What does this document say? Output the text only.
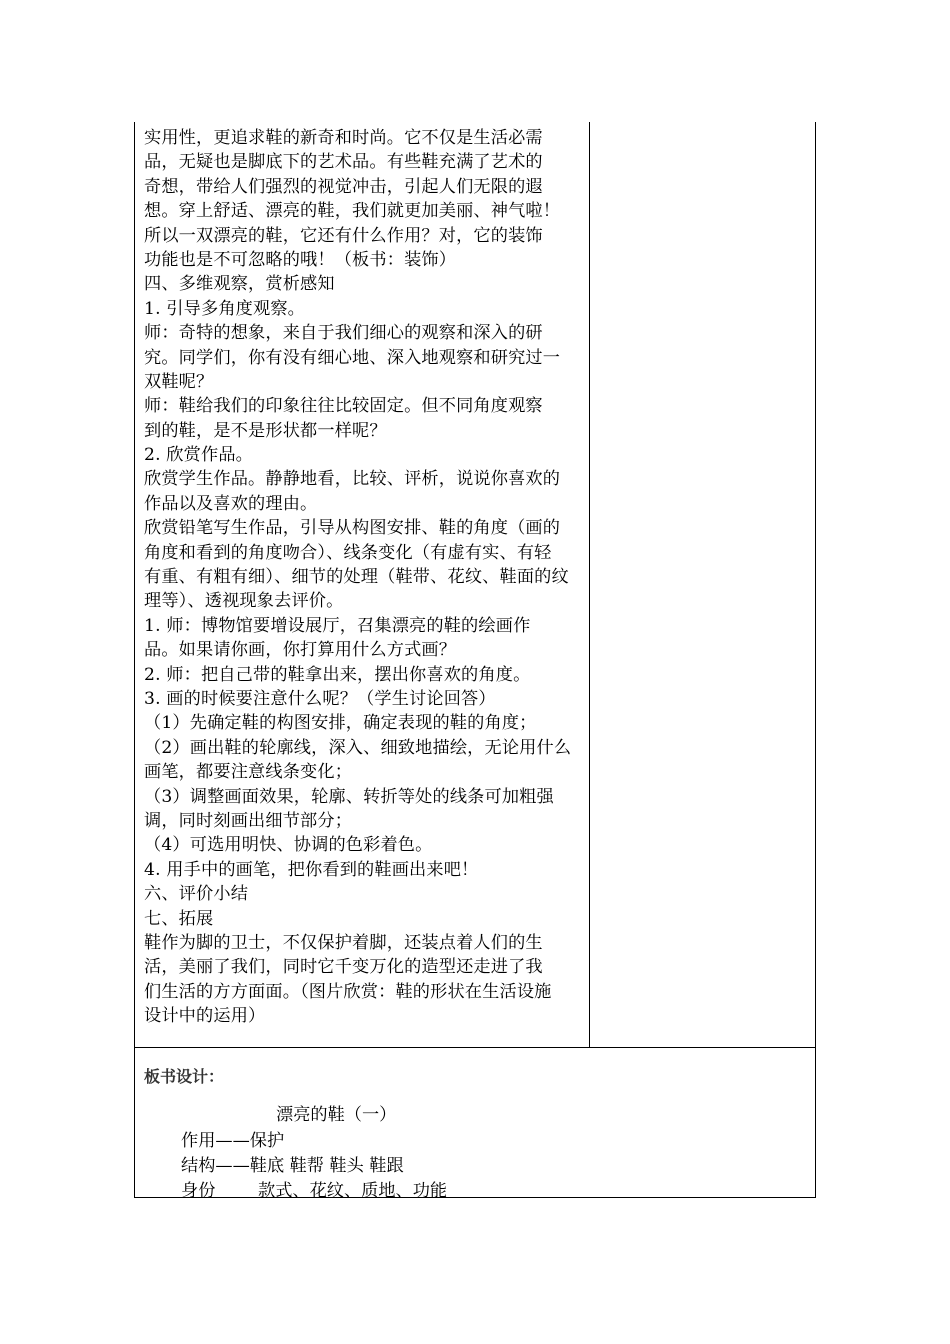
实用性，更追求鞋的新奇和时尚。它不仅是生活必需
品，无疑也是脚底下的艺术品。有些鞋充满了艺术的
奇想，带给人们强烈的视觉冲击，引起人们无限的遐
想。穿上舒适、漂亮的鞋，我们就更加美丽、神气啦！
所以一双漂亮的鞋，它还有什么作用？对，它的装饰
功能也是不可忽略的哦！（板书：装饰）
四、多维观察，赏析感知
1. 引导多角度观察。
师：奇特的想象，来自于我们细心的观察和深入的研
究。同学们，你有没有细心地、深入地观察和研究过一
双鞋呢？
师：鞋给我们的印象往往比较固定。但不同角度观察
到的鞋，是不是形状都一样呢？
2. 欣赏作品。
欣赏学生作品。静静地看，比较、评析，说说你喜欢的
作品以及喜欢的理由。
欣赏铅笔写生作品，引导从构图安排、鞋的角度（画的
角度和看到的角度吻合）、线条变化（有虚有实、有轻
有重、有粗有细）、细节的处理（鞋带、花纹、鞋面的纹
理等）、透视现象去评价。
1. 师：博物馆要增设展厅，召集漂亮的鞋的绘画作
品。如果请你画，你打算用什么方式画？
2. 师：把自己带的鞋拿出来，摆出你喜欢的角度。
3. 画的时候要注意什么呢？（学生讨论回答）
（1）先确定鞋的构图安排，确定表现的鞋的角度；
（2）画出鞋的轮廓线，深入、细致地描绘，无论用什么
画笔，都要注意线条变化；
（3）调整画面效果，轮廓、转折等处的线条可加粗强
调，同时刻画出细节部分；
（4）可选用明快、协调的色彩着色。
4. 用手中的画笔，把你看到的鞋画出来吧！
六、评价小结
七、拓展
鞋作为脚的卫士，不仅保护着脚，还装点着人们的生
活，美丽了我们，同时它千变万化的造型还走进了我
们生活的方方面面。（图片欣赏：鞋的形状在生活设施
设计中的运用）
板书设计：
漂亮的鞋（一）
作用——保护
结构——鞋底 鞋帮 鞋头 鞋跟
身份 款式、花纹、质地、功能
